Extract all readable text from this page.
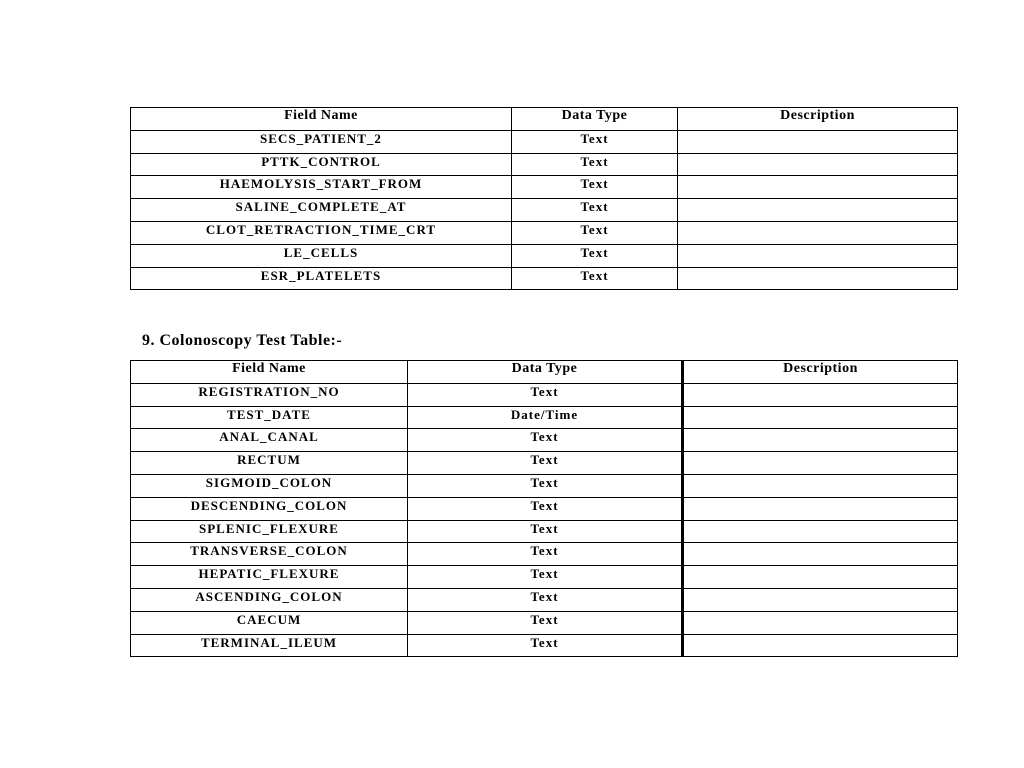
Field Name	Data Type	Description
SECS_PATIENT_2	Text	
PTTK_CONTROL	Text	
HAEMOLYSIS_START_FROM	Text	
SALINE_COMPLETE_AT	Text	
CLOT_RETRACTION_TIME_CRT	Text	
LE_CELLS	Text	
ESR_PLATELETS	Text	
9. Colonoscopy Test Table:-
Field Name	Data Type	Description
REGISTRATION_NO	Text	
TEST_DATE	Date/Time	
ANAL_CANAL	Text	
RECTUM	Text	
SIGMOID_COLON	Text	
DESCENDING_COLON	Text	
SPLENIC_FLEXURE	Text	
TRANSVERSE_COLON	Text	
HEPATIC_FLEXURE	Text	
ASCENDING_COLON	Text	
CAECUM	Text	
TERMINAL_ILEUM	Text	
